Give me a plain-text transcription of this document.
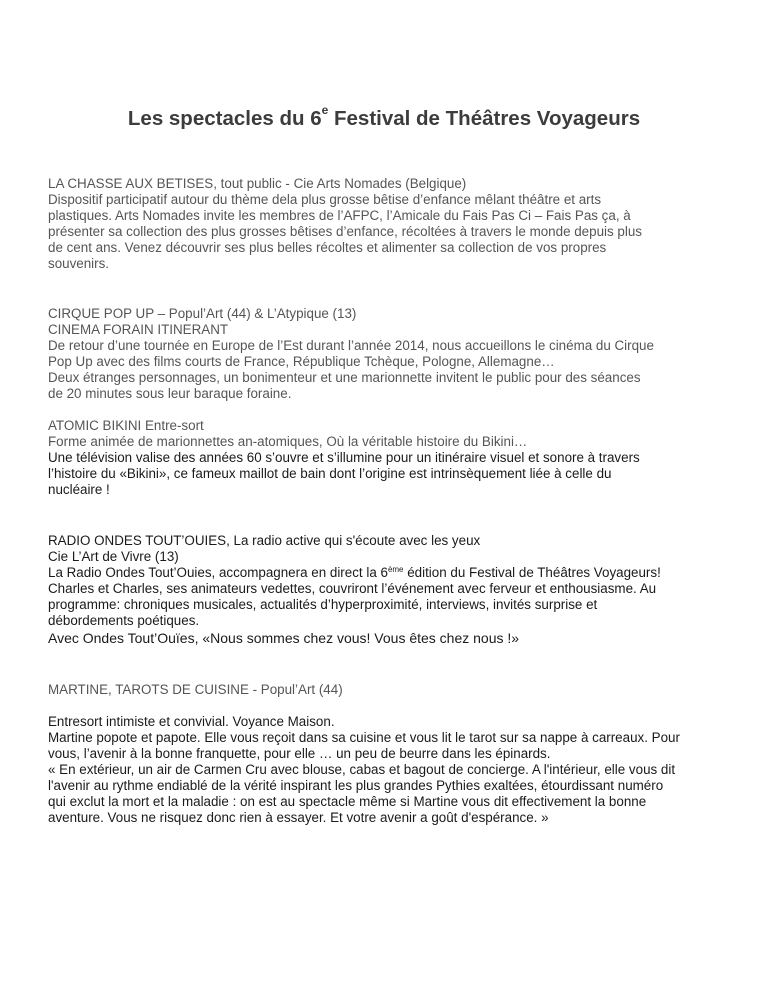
Les spectacles du 6e Festival de Théâtres Voyageurs

LA CHASSE AUX BETISES, tout public - Cie Arts Nomades (Belgique)

Dispositif participatif autour du thème dela plus grosse bêtise d’enfance mêlant théâtre et arts

plastiques. Arts Nomades invite les membres de l’AFPC, l’Amicale du Fais Pas Ci – Fais Pas ça, à

présenter sa collection des plus grosses bêtises d’enfance, récoltées à travers le monde depuis plus

de cent ans. Venez découvrir ses plus belles récoltes et alimenter sa collection de vos propres

souvenirs.

CIRQUE POP UP – Popul’Art (44) & L’Atypique (13)

CINEMA FORAIN ITINERANT

De retour d’une tournée en Europe de l’Est durant l’année 2014, nous accueillons le cinéma du Cirque

Pop Up avec des films courts de France, République Tchèque, Pologne, Allemagne…

Deux étranges personnages, un bonimenteur et une marionnette invitent le public pour des séances

de 20 minutes sous leur baraque foraine.

ATOMIC BIKINI Entre-sort

Forme animée de marionnettes an-atomiques, Où la véritable histoire du Bikini…

Une télévision valise des années 60 s’ouvre et s’illumine pour un itinéraire visuel et sonore à travers

l’histoire du «Bikini», ce fameux maillot de bain dont l’origine est intrinsèquement liée à celle du

nucléaire !

RADIO ONDES TOUT’OUIES, La radio active qui s'écoute avec les yeux

Cie L’Art de Vivre (13)

La Radio Ondes Tout’Ouies, accompagnera en direct la 6ème édition du Festival de Théâtres Voyageurs!

Charles et Charles, ses animateurs vedettes, couvriront l’événement avec ferveur et enthousiasme. Au

programme: chroniques musicales, actualités d’hyperproximité, interviews, invités surprise et

débordements poétiques.

Avec Ondes Tout’Ouïes, «Nous sommes chez vous! Vous êtes chez nous !»

MARTINE, TAROTS DE CUISINE - Popul’Art (44)

Entresort intimiste et convivial. Voyance Maison.

Martine popote et papote. Elle vous reçoit dans sa cuisine et vous lit le tarot sur sa nappe à carreaux. Pour

vous, l’avenir à la bonne franquette, pour elle … un peu de beurre dans les épinards.

« En extérieur, un air de Carmen Cru avec blouse, cabas et bagout de concierge. A l'intérieur, elle vous dit

l'avenir au rythme endiablé de la vérité inspirant les plus grandes Pythies exaltées, étourdissant numéro

qui exclut la mort et la maladie : on est au spectacle même si Martine vous dit effectivement la bonne

aventure. Vous ne risquez donc rien à essayer. Et votre avenir a goût d'espérance. »
